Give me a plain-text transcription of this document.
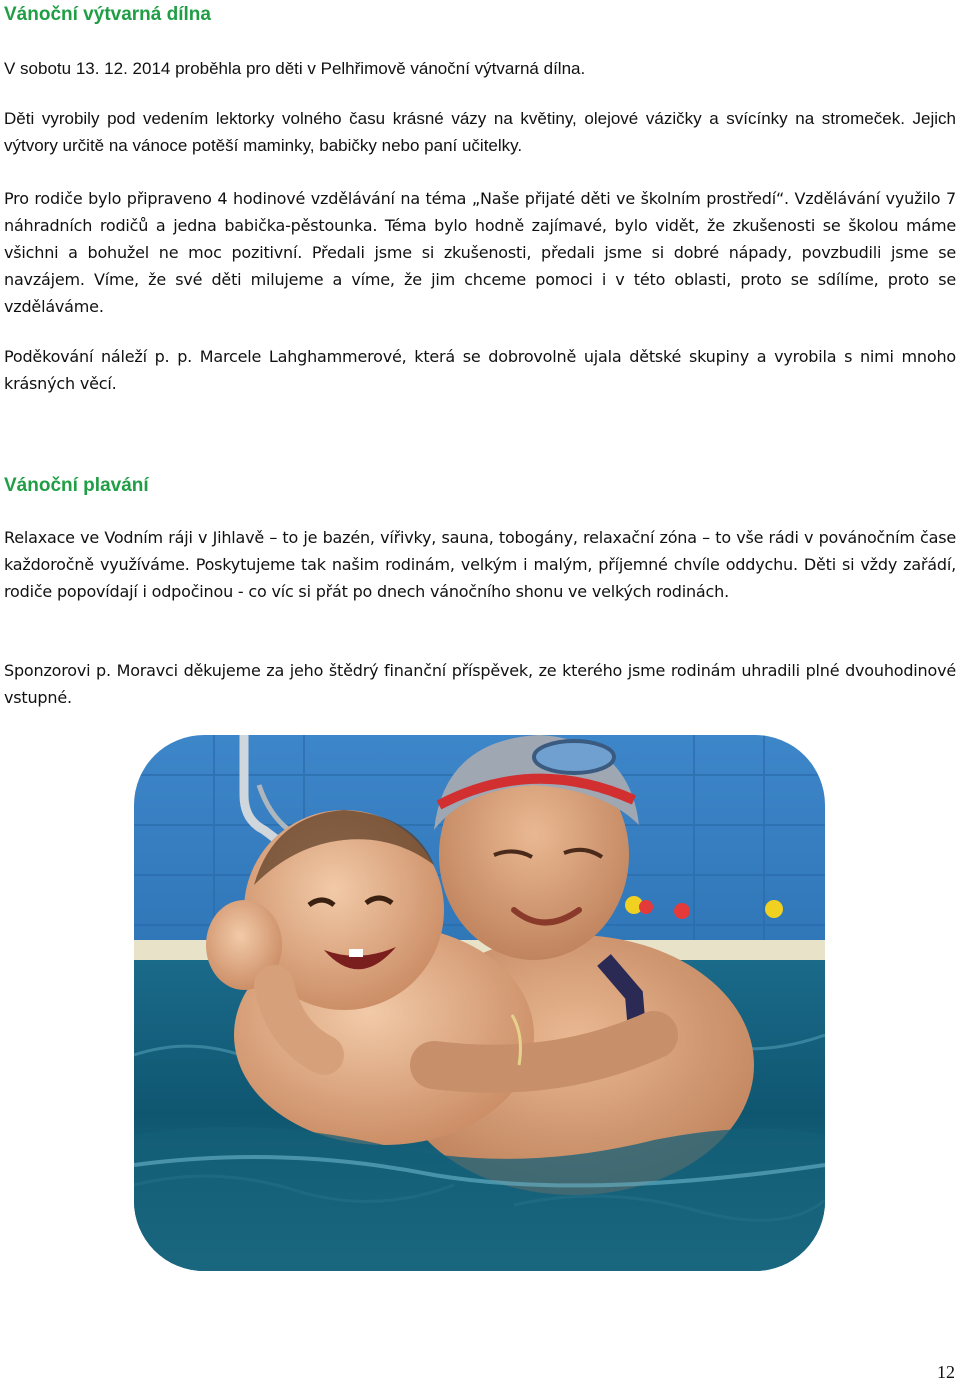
Vánoční výtvarná dílna

V sobotu 13. 12. 2014 proběhla pro děti v Pelhřimově vánoční výtvarná dílna.

Děti vyrobily pod vedením lektorky volného času krásné vázy na květiny, olejové vázičky a svícínky na stromeček. Jejich výtvory určitě na vánoce potěší maminky, babičky nebo paní učitelky.

Pro rodiče bylo připraveno 4 hodinové vzdělávání na téma „Naše přijaté děti ve školním prostředí“. Vzdělávání využilo 7 náhradních rodičů a jedna babička-pěstounka. Téma bylo hodně zajímavé, bylo vidět, že zkušenosti se školou máme všichni a bohužel ne moc pozitivní. Předali jsme si zkušenosti, předali jsme si dobré nápady, povzbudili jsme se navzájem. Víme, že své děti milujeme a víme, že jim chceme pomoci i v této oblasti, proto se sdílíme, proto se vzděláváme.

Poděkování náleží p. p. Marcele Lahghammerové, která se dobrovolně ujala dětské skupiny a vyrobila s nimi mnoho krásných věcí.

Vánoční plavání

Relaxace ve Vodním ráji v Jihlavě – to je bazén, vířivky, sauna, tobogány, relaxační zóna – to vše rádi v povánočním čase každoročně využíváme. Poskytujeme tak našim rodinám, velkým i malým, příjemné chvíle oddychu. Děti si vždy zařádí, rodiče popovídají i odpočinou - co víc si přát po dnech vánočního shonu ve velkých rodinách.

Sponzorovi p. Moravci děkujeme za jeho štědrý finanční příspěvek, ze kterého jsme rodinám uhradili plné dvouhodinové vstupné.

12
